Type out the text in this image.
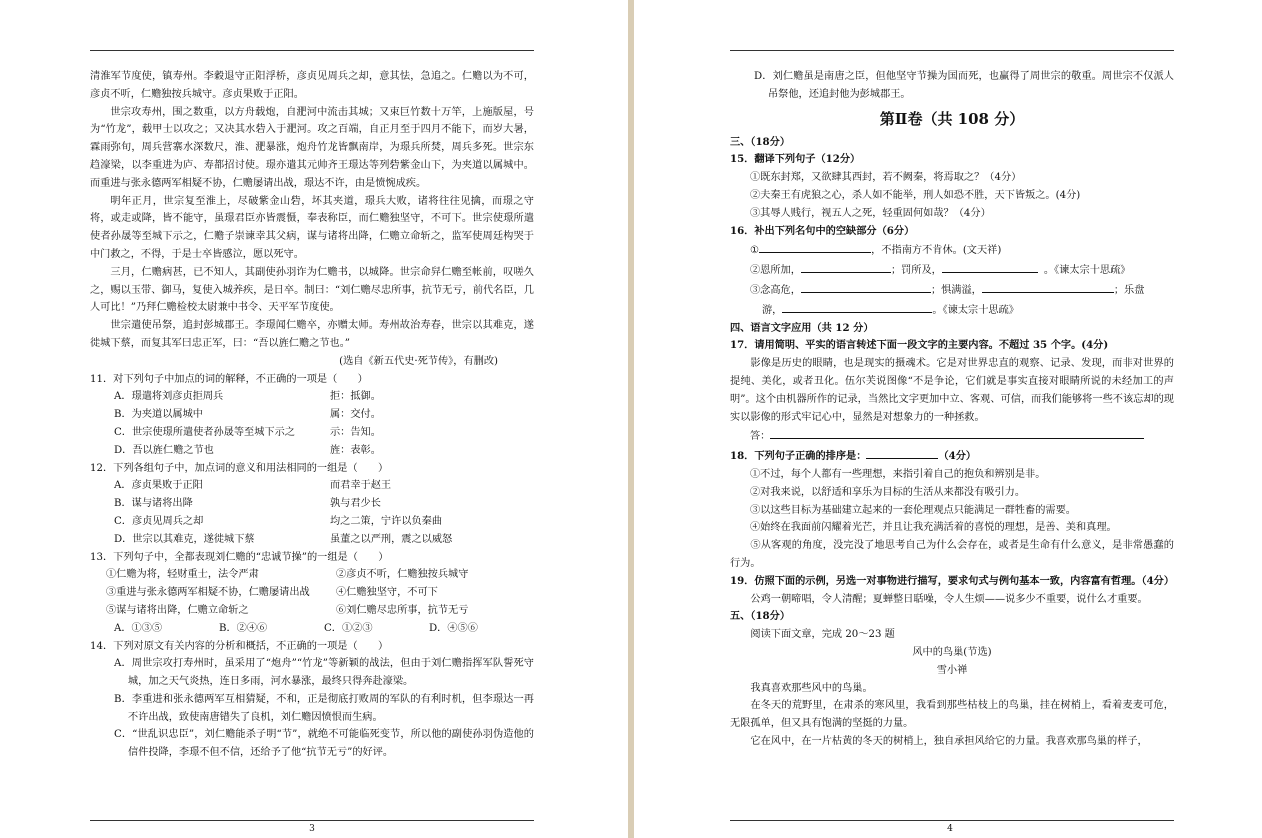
清淮军节度使，镇寿州。李穀退守正阳浮桥，彦贞见周兵之却，意其怯，急追之。仁赡以为不可，彦贞不听，仁赡独按兵城守。彦贞果败于正阳。

世宗攻寿州，围之数重，以方舟载炮，自淝河中流击其城；又束巨竹数十万竿，上施版屋，号为“竹龙”，载甲士以攻之；又决其水砦入于淝河。攻之百端，自正月至于四月不能下，而岁大暑，霖雨弥旬，周兵营寨水深数尺，淮、淝暴涨，炮舟竹龙皆飘南岸，为璟兵所焚，周兵多死。世宗东趋濠梁，以李重进为庐、寿都招讨使。璟亦遣其元帅齐王璟达等列砦紫金山下，为夹道以属城中。而重进与张永德两军相疑不协，仁赡屡请出战，璟达不许，由是愤惋成疾。

明年正月，世宗复至淮上，尽破紫金山砦，坏其夹道，璟兵大败，诸将往往见擒，而璟之守将，或走或降，皆不能守，虽璟君臣亦皆震慑，奉表称臣，而仁赡独坚守，不可下。世宗使璟所遣使者孙晟等至城下示之，仁赡子崇谏幸其父病，谋与诸将出降，仁赡立命斩之，监军使周廷构哭于中门救之，不得，于是士卒皆感泣，愿以死守。

三月，仁赡病甚，已不知人，其副使孙羽诈为仁赡书，以城降。世宗命舁仁赡至帐前，叹嗟久之，赐以玉带、御马，复使入城养疾，是日卒。制曰：“刘仁赡尽忠所事，抗节无亏，前代名臣，几人可比！”乃拜仁赡检校太尉兼中书令、天平军节度使。

世宗遣使吊祭，追封彭城郡王。李璟闻仁赡卒，亦赠太师。寿州故治寿春，世宗以其难克，遂徙城下蔡，而复其军曰忠正军，曰：“吾以旌仁赡之节也。”

(选自《新五代史·死节传》，有删改)

11．对下列句子中加点的词的解释，不正确的一项是（　　）

A．璟遣将刘彦贞拒周兵	拒：抵御。

B．为夹道以属城中	属：交付。

C．世宗使璟所遣使者孙晟等至城下示之	示：告知。

D．吾以旌仁赡之节也	旌：表彰。

12．下列各组句子中，加点词的意义和用法相同的一组是（　　）

A．彦贞果败于正阳	而君幸于赵王

B．谋与诸将出降	孰与君少长

C．彦贞见周兵之却	均之二策，宁许以负秦曲

D．世宗以其难克，遂徙城下蔡	虽董之以严刑，震之以威怒

13．下列句子中，全都表现刘仁赡的“忠诚节操”的一组是（　　）

①仁赡为将，轻财重士，法令严肃	②彦贞不听，仁赡独按兵城守

③重进与张永德两军相疑不协，仁赡屡请出战	④仁赡独坚守，不可下

⑤谋与诸将出降，仁赡立命斩之	⑥刘仁赡尽忠所事，抗节无亏

A．①③⑤	B．②④⑥	C．①②③	D．④⑤⑥

14．下列对原文有关内容的分析和概括，不正确的一项是（　　）

A．周世宗攻打寿州时，虽采用了“炮舟”“竹龙”等新颖的战法，但由于刘仁赡指挥军队誓死守城，加之天气炎热，连日多雨，河水暴涨，最终只得奔赴濠梁。

B．李重进和张永德两军互相猜疑，不和，正是彻底打败周的军队的有利时机，但李璟达一再不许出战，致使南唐错失了良机，刘仁赡因愤恨而生病。

C．“世乱识忠臣”，刘仁赡能杀子明“节”，就绝不可能临死变节，所以他的副使孙羽伪造他的信件投降，李璟不但不信，还给予了他“抗节无亏”的好评。

3

D．刘仁赡虽是南唐之臣，但他坚守节操为国而死，也赢得了周世宗的敬重。周世宗不仅派人吊祭他，还追封他为彭城郡王。

第Ⅱ卷（共 108 分）

三、（18分）

15．翻译下列句子（12分）

①既东封郑，又欲肆其西封，若不阙秦，将焉取之？（4分）

②夫秦王有虎狼之心，杀人如不能举，刑人如恐不胜，天下皆叛之。(4分)

③其辱人贱行，视五人之死，轻重固何如哉？（4分）

16．补出下列名句中的空缺部分（6分）

①	，不指南方不肯休。(文天祥)

②恩所加，	；罚所及，	。《谏太宗十思疏》

③念高危，	；惧满溢，	；乐盘

游，	。《谏太宗十思疏》

四、语言文字应用（共 12 分）

17．请用简明、平实的语言转述下面一段文字的主要内容。不超过 35 个字。(4分)

影像是历史的眼睛，也是现实的摄魂术。它是对世界忠直的观察、记录、发现，而非对世界的提纯、美化，或者丑化。伍尔芙说图像“不是争论，它们就是事实直接对眼睛所说的未经加工的声明”。这个由机器所作的记录，当然比文字更加中立、客观、可信，而我们能够将一些不该忘却的现实以影像的形式牢记心中，显然是对想象力的一种拯救。

答：

18．下列句子正确的排序是：	（4分）

①不过，每个人都有一些理想，来指引着自己的抱负和辨别是非。

②对我来说，以舒适和享乐为目标的生活从来都没有吸引力。

③以这些目标为基础建立起来的一套伦理观点只能满足一群牲畜的需要。

④始终在我面前闪耀着光芒，并且让我充满活着的喜悦的理想，是善、美和真理。

⑤从客观的角度，没完没了地思考自己为什么会存在，或者是生命有什么意义，是非常愚蠢的行为。

19．仿照下面的示例，另选一对事物进行描写，要求句式与例句基本一致，内容富有哲理。（4分）

公鸡一朝啼唱，令人清醒；夏蝉整日聒噪，令人生烦——说多少不重要，说什么才重要。

五、（18分）

阅读下面文章，完成 20～23 题

风中的鸟巢(节选)

雪小禅

我真喜欢那些风中的鸟巢。

在冬天的荒野里，在肃杀的寒风里，我看到那些枯枝上的鸟巢，挂在树梢上，看着麦麦可危，无限孤单，但又具有饱满的坚挺的力量。

它在风中，在一片枯黄的冬天的树梢上，独自承担风给它的力量。我喜欢那鸟巢的样子，

4
